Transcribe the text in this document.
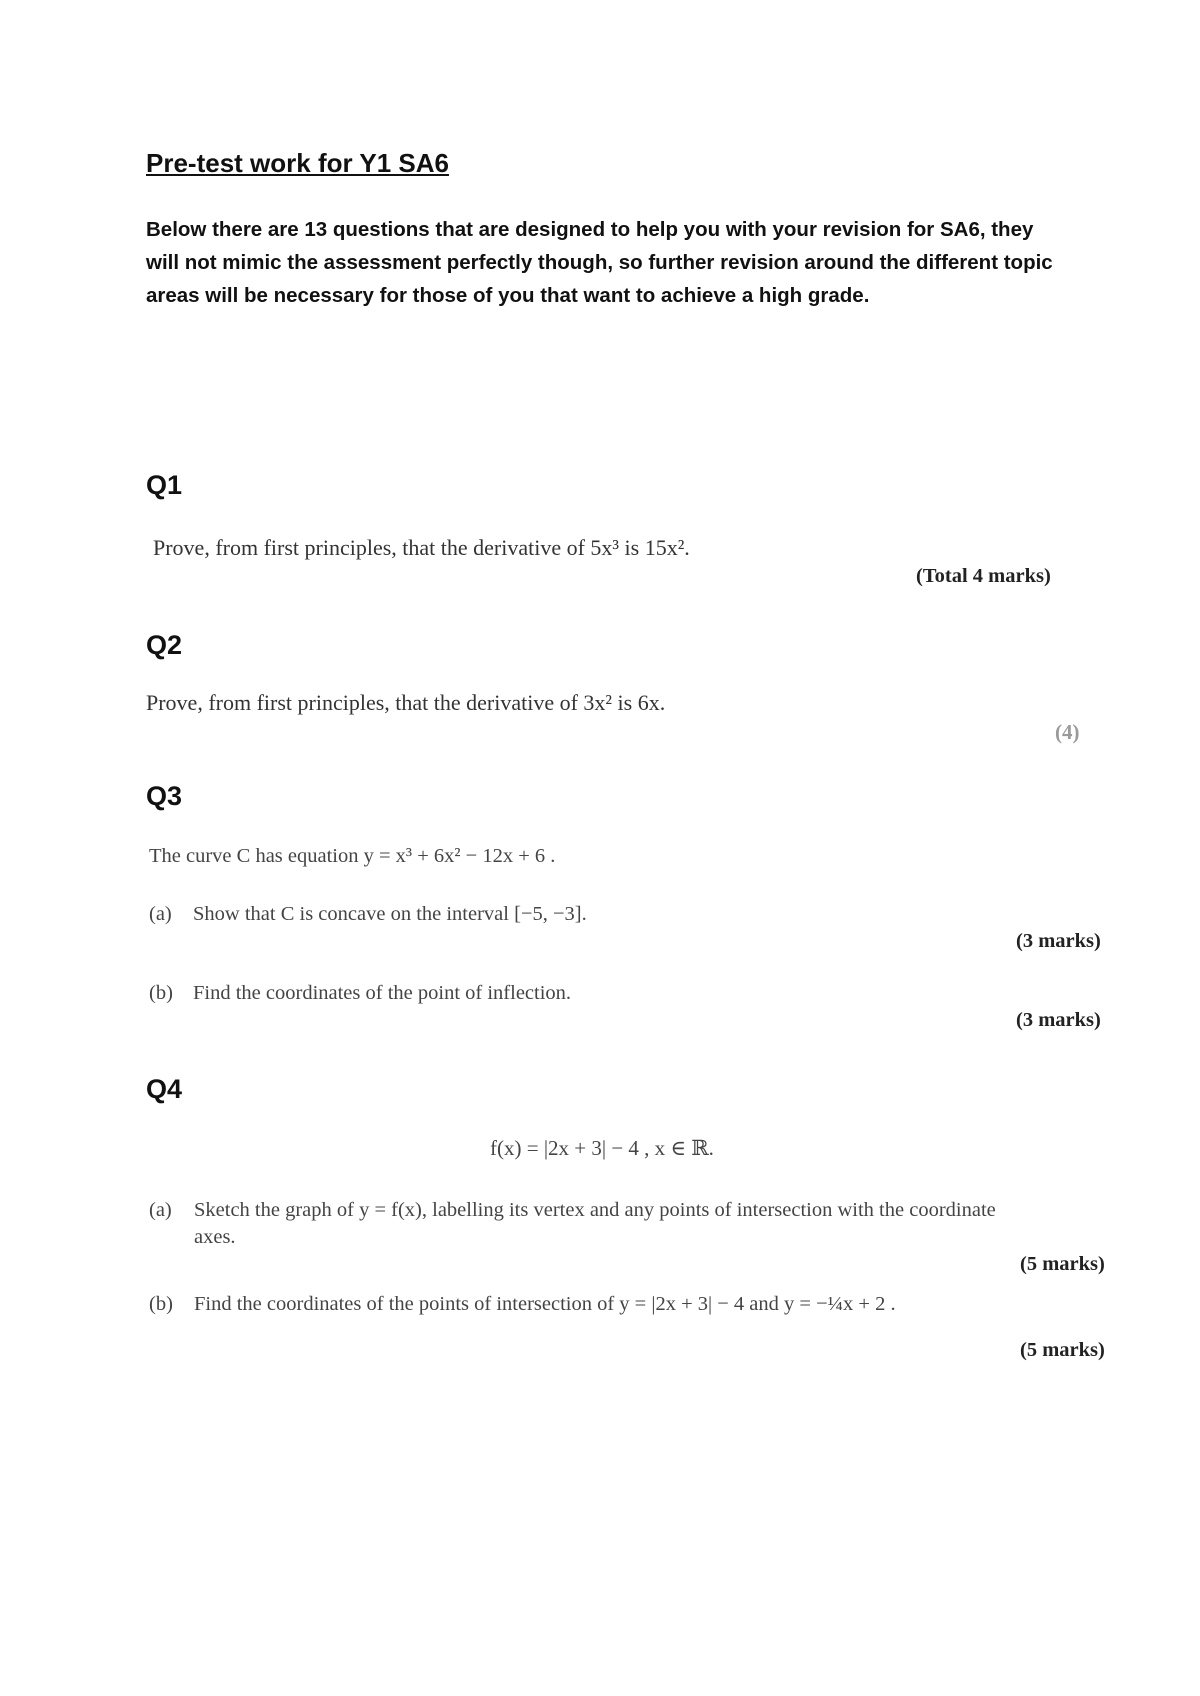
Pre-test work for Y1 SA6
Below there are 13 questions that are designed to help you with your revision for SA6, they will not mimic the assessment perfectly though, so further revision around the different topic areas will be necessary for those of you that want to achieve a high grade.
Q1
Prove, from first principles, that the derivative of 5x³ is 15x².
(Total 4 marks)
Q2
Prove, from first principles, that the derivative of 3x² is 6x.
(4)
Q3
The curve C has equation y = x³ + 6x² − 12x + 6 .
(a) Show that C is concave on the interval [−5, −3].
(3 marks)
(b) Find the coordinates of the point of inflection.
(3 marks)
Q4
f(x) = |2x + 3| − 4 , x ∈ ℝ.
(a) Sketch the graph of y = f(x), labelling its vertex and any points of intersection with the coordinate
axes.
(5 marks)
(b) Find the coordinates of the points of intersection of y = |2x + 3| − 4 and y = −¼x + 2 .
(5 marks)
